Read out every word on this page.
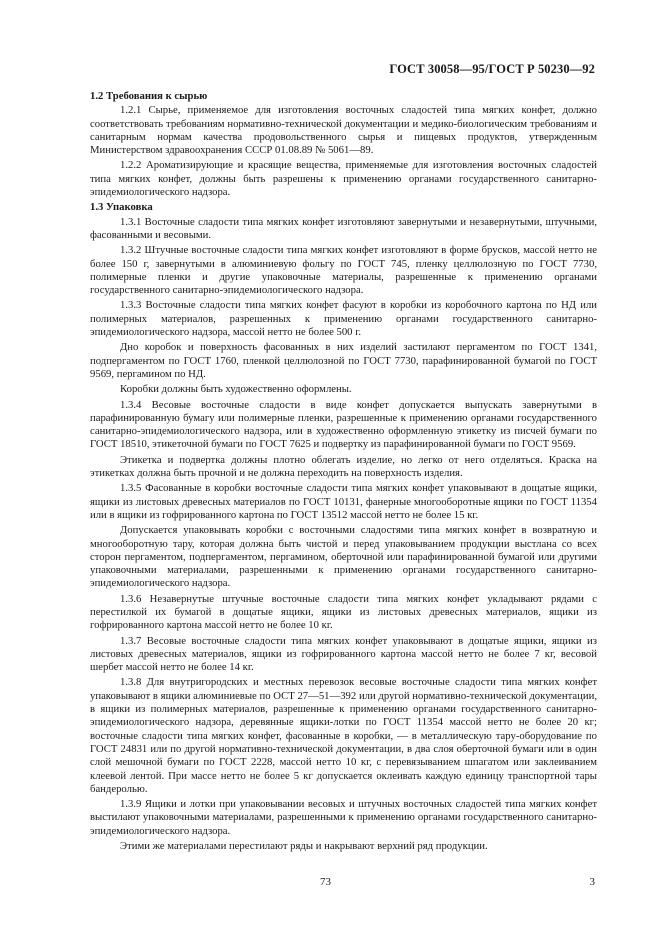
ГОСТ 30058—95/ГОСТ Р 50230—92

1.2 Требования к сырью

1.2.1 Сырье, применяемое для изготовления восточных сладостей типа мягких конфет, должно соответствовать требованиям нормативно-технической документации и медико-биологическим требованиям и санитарным нормам качества продовольственного сырья и пищевых продуктов, утвержденным Министерством здравоохранения СССР 01.08.89 № 5061—89.

1.2.2 Ароматизирующие и красящие вещества, применяемые для изготовления восточных сладостей типа мягких конфет, должны быть разрешены к применению органами государственного санитарно-эпидемиологического надзора.

1.3 Упаковка

1.3.1 Восточные сладости типа мягких конфет изготовляют завернутыми и незавернутыми, штучными, фасованными и весовыми.

1.3.2 Штучные восточные сладости типа мягких конфет изготовляют в форме брусков, массой нетто не более 150 г, завернутыми в алюминиевую фольгу по ГОСТ 745, пленку целлюлозную по ГОСТ 7730, полимерные пленки и другие упаковочные материалы, разрешенные к применению органами государственного санитарно-эпидемиологического надзора.

1.3.3 Восточные сладости типа мягких конфет фасуют в коробки из коробочного картона по НД или полимерных материалов, разрешенных к применению органами государственного санитарно-эпидемиологического надзора, массой нетто не более 500 г.

Дно коробок и поверхность фасованных в них изделий застилают пергаментом по ГОСТ 1341, подпергаментом по ГОСТ 1760, пленкой целлюлозной по ГОСТ 7730, парафинированной бумагой по ГОСТ 9569, пергамином по НД.

Коробки должны быть художественно оформлены.

1.3.4 Весовые восточные сладости в виде конфет допускается выпускать завернутыми в парафинированную бумагу или полимерные пленки, разрешенные к применению органами государственного санитарно-эпидемиологического надзора, или в художественно оформленную этикетку из писчей бумаги по ГОСТ 18510, этикеточной бумаги по ГОСТ 7625 и подвертку из парафинированной бумаги по ГОСТ 9569.

Этикетка и подвертка должны плотно облегать изделие, но легко от него отделяться. Краска на этикетках должна быть прочной и не должна переходить на поверхность изделия.

1.3.5 Фасованные в коробки восточные сладости типа мягких конфет упаковывают в дощатые ящики, ящики из листовых древесных материалов по ГОСТ 10131, фанерные многооборотные ящики по ГОСТ 11354 или в ящики из гофрированного картона по ГОСТ 13512 массой нетто не более 15 кг.

Допускается упаковывать коробки с восточными сладостями типа мягких конфет в возвратную и многооборотную тару, которая должна быть чистой и перед упаковыванием продукции выстлана со всех сторон пергаментом, подпергаментом, пергамином, оберточной или парафинированной бумагой или другими упаковочными материалами, разрешенными к применению органами государственного санитарно-эпидемиологического надзора.

1.3.6 Незавернутые штучные восточные сладости типа мягких конфет укладывают рядами с перестилкой их бумагой в дощатые ящики, ящики из листовых древесных материалов, ящики из гофрированного картона массой нетто не более 10 кг.

1.3.7 Весовые восточные сладости типа мягких конфет упаковывают в дощатые ящики, ящики из листовых древесных материалов, ящики из гофрированного картона массой нетто не более 7 кг, весовой шербет массой нетто не более 14 кг.

1.3.8 Для внутригородских и местных перевозок весовые восточные сладости типа мягких конфет упаковывают в ящики алюминиевые по ОСТ 27—51—392 или другой нормативно-технической документации, в ящики из полимерных материалов, разрешенные к применению органами государственного санитарно-эпидемиологического надзора, деревянные ящики-лотки по ГОСТ 11354 массой нетто не более 20 кг; восточные сладости типа мягких конфет, фасованные в коробки, — в металлическую тару-оборудование по ГОСТ 24831 или по другой нормативно-технической документации, в два слоя оберточной бумаги или в один слой мешочной бумаги по ГОСТ 2228, массой нетто 10 кг, с перевязыванием шпагатом или заклеиванием клеевой лентой. При массе нетто не более 5 кг допускается оклеивать каждую единицу транспортной тары бандеролью.

1.3.9 Ящики и лотки при упаковывании весовых и штучных восточных сладостей типа мягких конфет выстилают упаковочными материалами, разрешенными к применению органами государственного санитарно-эпидемиологического надзора.

Этими же материалами перестилают ряды и накрывают верхний ряд продукции.

73	3
